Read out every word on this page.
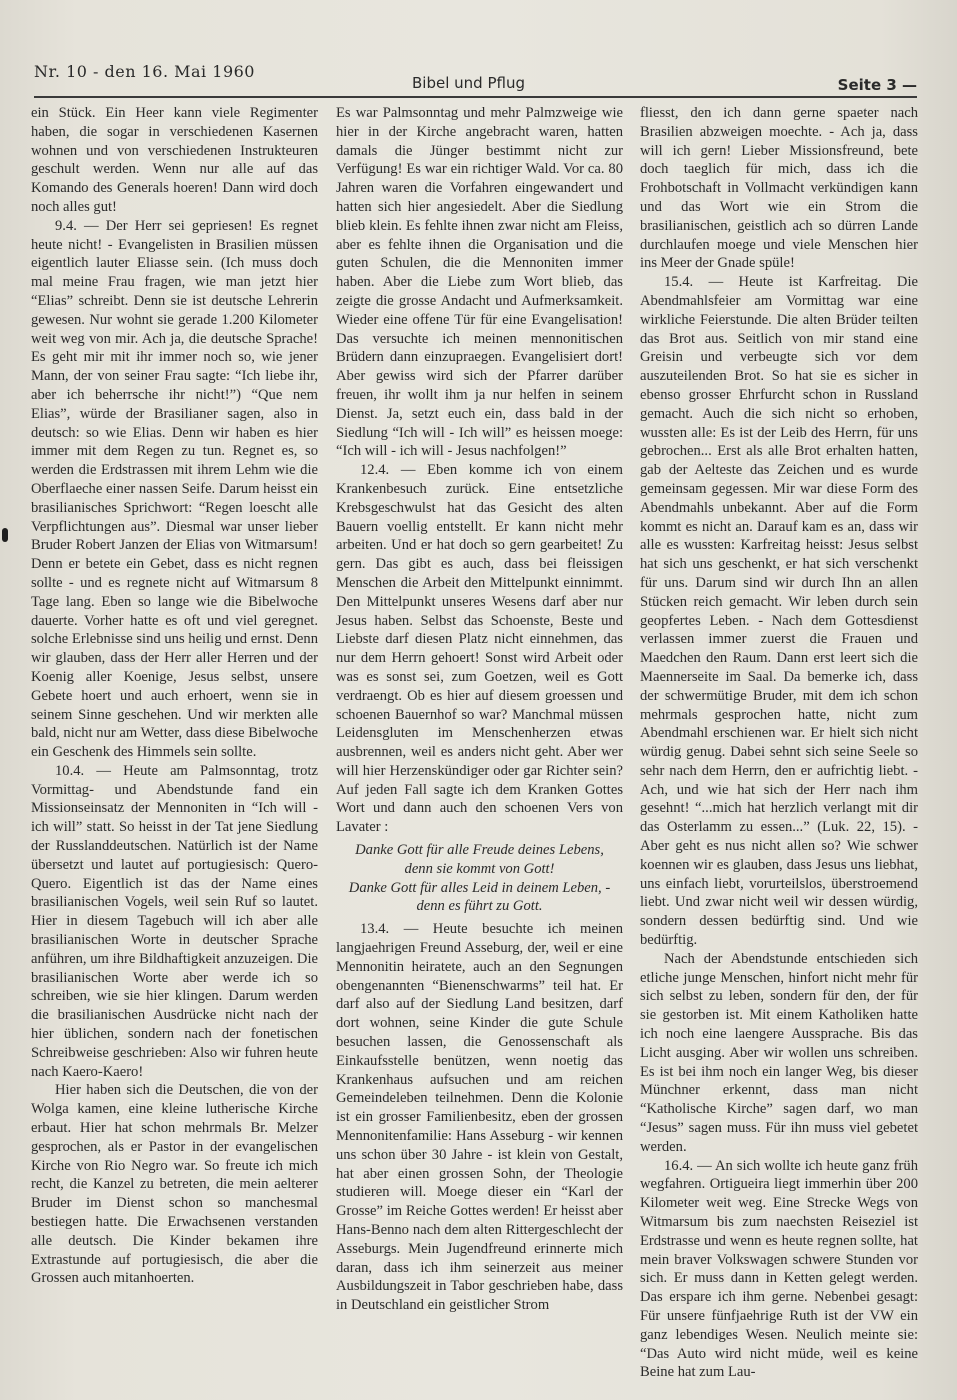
Nr. 10 - den 16. Mai 1960
Bibel und Pflug	Seite 3 —

ein Stück. Ein Heer kann viele Regimenter haben, die sogar in verschiedenen Kasernen wohnen und von verschiedenen Instrukteuren geschult werden. Wenn nur alle auf das Komando des Generals hoeren! Dann wird doch noch alles gut!

9.4. — Der Herr sei gepriesen! Es regnet heute nicht! - Evangelisten in Brasilien müssen eigentlich lauter Eliasse sein. (Ich muss doch mal meine Frau fragen, wie man jetzt hier “Elias” schreibt. Denn sie ist deutsche Lehrerin gewesen. Nur wohnt sie gerade 1.200 Kilometer weit weg von mir. Ach ja, die deutsche Sprache! Es geht mir mit ihr immer noch so, wie jener Mann, der von seiner Frau sagte: “Ich liebe ihr, aber ich beherrsche ihr nicht!”) “Que nem Elias”, würde der Brasilianer sagen, also in deutsch: so wie Elias. Denn wir haben es hier immer mit dem Regen zu tun. Regnet es, so werden die Erdstrassen mit ihrem Lehm wie die Oberflaeche einer nassen Seife. Darum heisst ein brasilianisches Sprichwort: “Regen loescht alle Verpflichtungen aus”. Diesmal war unser lieber Bruder Robert Janzen der Elias von Witmarsum! Denn er betete ein Gebet, dass es nicht regnen sollte - und es regnete nicht auf Witmarsum 8 Tage lang. Eben so lange wie die Bibelwoche dauerte. Vorher hatte es oft und viel geregnet. solche Erlebnisse sind uns heilig und ernst. Denn wir glauben, dass der Herr aller Herren und der Koenig aller Koenige, Jesus selbst, unsere Gebete hoert und auch erhoert, wenn sie in seinem Sinne geschehen. Und wir merkten alle bald, nicht nur am Wetter, dass diese Bibelwoche ein Geschenk des Himmels sein sollte.

10.4. — Heute am Palmsonntag, trotz Vormittag- und Abendstunde fand ein Missionseinsatz der Mennoniten in “Ich will - ich will” statt. So heisst in der Tat jene Siedlung der Russlanddeutschen. Natürlich ist der Name übersetzt und lautet auf portugiesisch: Quero-Quero. Eigentlich ist das der Name eines brasilianischen Vogels, weil sein Ruf so lautet. Hier in diesem Tagebuch will ich aber alle brasilianischen Worte in deutscher Sprache anführen, um ihre Bildhaftigkeit anzuzeigen. Die brasilianischen Worte aber werde ich so schreiben, wie sie hier klingen. Darum werden die brasilianischen Ausdrücke nicht nach der hier üblichen, sondern nach der fonetischen Schreibweise geschrieben: Also wir fuhren heute nach Kaero-Kaero!

Hier haben sich die Deutschen, die von der Wolga kamen, eine kleine lutherische Kirche erbaut. Hier hat schon mehrmals Br. Melzer gesprochen, als er Pastor in der evangelischen Kirche von Rio Negro war. So freute ich mich recht, die Kanzel zu betreten, die mein aelterer Bruder im Dienst schon so manchesmal bestiegen hatte. Die Erwachsenen verstanden alle deutsch. Die Kinder bekamen ihre Extrastunde auf portugiesisch, die aber die Grossen auch mitanhoerten.

Es war Palmsonntag und mehr Palmzweige wie hier in der Kirche angebracht waren, hatten damals die Jünger bestimmt nicht zur Verfügung! Es war ein richtiger Wald. Vor ca. 80 Jahren waren die Vorfahren eingewandert und hatten sich hier angesiedelt. Aber die Siedlung blieb klein. Es fehlte ihnen zwar nicht am Fleiss, aber es fehlte ihnen die Organisation und die guten Schulen, die die Mennoniten immer haben. Aber die Liebe zum Wort blieb, das zeigte die grosse Andacht und Aufmerksamkeit. Wieder eine offene Tür für eine Evangelisation! Das versuchte ich meinen mennonitischen Brüdern dann einzupraegen. Evangelisiert dort! Aber gewiss wird sich der Pfarrer darüber freuen, ihr wollt ihm ja nur helfen in seinem Dienst. Ja, setzt euch ein, dass bald in der Siedlung “Ich will - Ich will” es heissen moege: “Ich will - ich will - Jesus nachfolgen!”

12.4. — Eben komme ich von einem Krankenbesuch zurück. Eine entsetzliche Krebsgeschwulst hat das Gesicht des alten Bauern voellig entstellt. Er kann nicht mehr arbeiten. Und er hat doch so gern gearbeitet! Zu gern. Das gibt es auch, dass bei fleissigen Menschen die Arbeit den Mittelpunkt einnimmt. Den Mittelpunkt unseres Wesens darf aber nur Jesus haben. Selbst das Schoenste, Beste und Liebste darf diesen Platz nicht einnehmen, das nur dem Herrn gehoert! Sonst wird Arbeit oder was es sonst sei, zum Goetzen, weil es Gott verdraengt. Ob es hier auf diesem groessen und schoenen Bauernhof so war? Manchmal müssen Leidensgluten im Menschenherzen etwas ausbrennen, weil es anders nicht geht. Aber wer will hier Herzenskündiger oder gar Richter sein? Auf jeden Fall sagte ich dem Kranken Gottes Wort und dann auch den schoenen Vers von Lavater :

Danke Gott für alle Freude deines Lebens,
denn sie kommt von Gott!
Danke Gott für alles Leid in deinem Leben, - denn es führt zu Gott.

13.4. — Heute besuchte ich meinen langjaehrigen Freund Asseburg, der, weil er eine Mennonitin heiratete, auch an den Segnungen obengenannten “Bienenschwarms” teil hat. Er darf also auf der Siedlung Land besitzen, darf dort wohnen, seine Kinder die gute Schule besuchen lassen, die Genossenschaft als Einkaufsstelle benützen, wenn noetig das Krankenhaus aufsuchen und am reichen Gemeindeleben teilnehmen. Denn die Kolonie ist ein grosser Familienbesitz, eben der grossen Mennonitenfamilie: Hans Asseburg - wir kennen uns schon über 30 Jahre - ist klein von Gestalt, hat aber einen grossen Sohn, der Theologie studieren will. Moege dieser ein “Karl der Grosse” im Reiche Gottes werden! Er heisst aber Hans-Benno nach dem alten Rittergeschlecht der Asseburgs. Mein Jugendfreund erinnerte mich daran, dass ich ihm seinerzeit aus meiner Ausbildungszeit in Tabor geschrieben habe, dass in Deutschland ein geistlicher Strom

fliesst, den ich dann gerne spaeter nach Brasilien abzweigen moechte. - Ach ja, dass will ich gern! Lieber Missionsfreund, bete doch taeglich für mich, dass ich die Frohbotschaft in Vollmacht verkündigen kann und das Wort wie ein Strom die brasilianischen, geistlich ach so dürren Lande durchlaufen moege und viele Menschen hier ins Meer der Gnade spüle!

15.4. — Heute ist Karfreitag. Die Abendmahlsfeier am Vormittag war eine wirkliche Feierstunde. Die alten Brüder teilten das Brot aus. Seitlich von mir stand eine Greisin und verbeugte sich vor dem auszuteilenden Brot. So hat sie es sicher in ebenso grosser Ehrfurcht schon in Russland gemacht. Auch die sich nicht so erhoben, wussten alle: Es ist der Leib des Herrn, für uns gebrochen... Erst als alle Brot erhalten hatten, gab der Aelteste das Zeichen und es wurde gemeinsam gegessen. Mir war diese Form des Abendmahls unbekannt. Aber auf die Form kommt es nicht an. Darauf kam es an, dass wir alle es wussten: Karfreitag heisst: Jesus selbst hat sich uns geschenkt, er hat sich verschenkt für uns. Darum sind wir durch Ihn an allen Stücken reich gemacht. Wir leben durch sein geopfertes Leben. - Nach dem Gottesdienst verlassen immer zuerst die Frauen und Maedchen den Raum. Dann erst leert sich die Maennerseite im Saal. Da bemerke ich, dass der schwermütige Bruder, mit dem ich schon mehrmals gesprochen hatte, nicht zum Abendmahl erschienen war. Er hielt sich nicht würdig genug. Dabei sehnt sich seine Seele so sehr nach dem Herrn, den er aufrichtig liebt. - Ach, und wie hat sich der Herr nach ihm gesehnt! “...mich hat herzlich verlangt mit dir das Osterlamm zu essen...” (Luk. 22, 15). - Aber geht es nus nicht allen so? Wie schwer koennen wir es glauben, dass Jesus uns liebhat, uns einfach liebt, vorurteilslos, überstroemend liebt. Und zwar nicht weil wir dessen würdig, sondern dessen bedürftig sind. Und wie bedürftig.

Nach der Abendstunde entschieden sich etliche junge Menschen, hinfort nicht mehr für sich selbst zu leben, sondern für den, der für sie gestorben ist. Mit einem Katholiken hatte ich noch eine laengere Aussprache. Bis das Licht ausging. Aber wir wollen uns schreiben. Es ist bei ihm noch ein langer Weg, bis dieser Münchner erkennt, dass man nicht “Katholische Kirche” sagen darf, wo man “Jesus” sagen muss. Für ihn muss viel gebetet werden.

16.4. — An sich wollte ich heute ganz früh wegfahren. Ortigueira liegt immerhin über 200 Kilometer weit weg. Eine Strecke Wegs von Witmarsum bis zum naechsten Reiseziel ist Erdstrasse und wenn es heute regnen sollte, hat mein braver Volkswagen schwere Stunden vor sich. Er muss dann in Ketten gelegt werden. Das ersparе ich ihm gerne. Nebenbei gesagt: Für unsere fünfjaehrige Ruth ist der VW ein ganz lebendiges Wesen. Neulich meinte sie: “Das Auto wird nicht müde, weil es keine Beine hat zum Lau-
